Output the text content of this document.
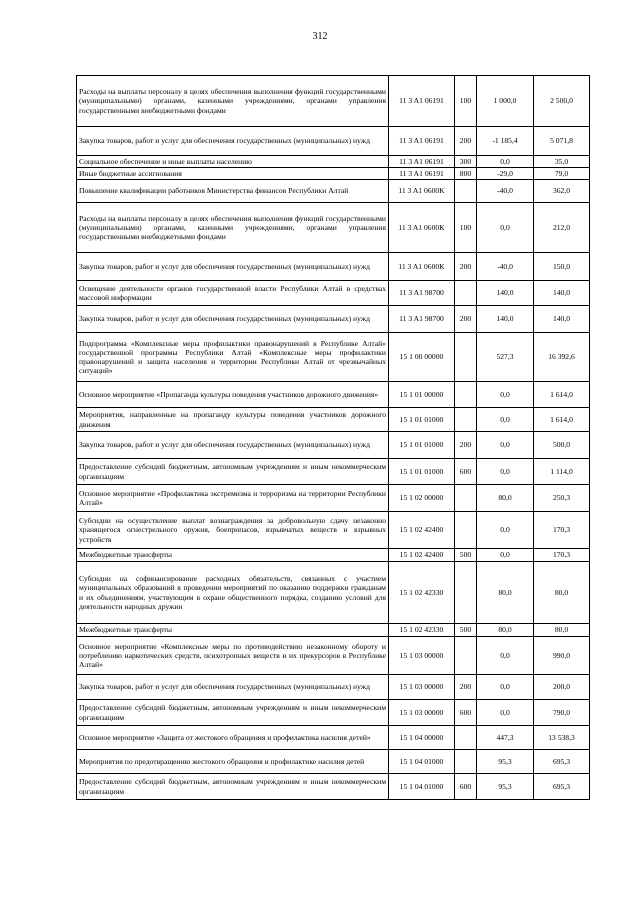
312
Расходы на выплаты персоналу в целях обеспечения выполнения функций государственными (муниципальными) органами, казенными учреждениями, органами управления государственными внебюджетными фондами	11 3 A1 06191	100	1 000,0	2 500,0
Закупка товаров, работ и услуг для обеспечения государственных (муниципальных) нужд	11 3 A1 06191	200	-1 185,4	5 071,8
Социальное обеспечение и иные выплаты населению	11 3 A1 06191	300	0,0	35,0
Иные бюджетные ассигнования	11 3 A1 06191	800	-29,0	79,0
Повышение квалификации работников Министерства финансов Республики Алтай	11 3 A1 0600K		-40,0	362,0
Расходы на выплаты персоналу в целях обеспечения выполнения функций государственными (муниципальными) органами, казенными учреждениями, органами управления государственными внебюджетными фондами	11 3 A1 0600K	100	0,0	212,0
Закупка товаров, работ и услуг для обеспечения государственных (муниципальных) нужд	11 3 A1 0600K	200	-40,0	150,0
Освещение деятельности органов государственной власти Республики Алтай в средствах массовой информации	11 3 A1 98700		140,0	140,0
Закупка товаров, работ и услуг для обеспечения государственных (муниципальных) нужд	11 3 A1 98700	200	140,0	140,0
Подпрограмма «Комплексные меры профилактики правонарушений в Республике Алтай» государственной программы Республики Алтай «Комплексные меры профилактики правонарушений и защита населения и территории Республики Алтай от чрезвычайных ситуаций»	15 1 00 00000		527,3	16 392,6
Основное мероприятие «Пропаганда культуры поведения участников дорожного движения»	15 1 01 00000		0,0	1 614,0
Мероприятия, направленные на пропаганду культуры поведения участников дорожного движения	15 1 01 01000		0,0	1 614,0
Закупка товаров, работ и услуг для обеспечения государственных (муниципальных) нужд	15 1 01 01000	200	0,0	500,0
Предоставление субсидий бюджетным, автономным учреждениям и иным некоммерческим организациям	15 1 01 01000	600	0,0	1 114,0
Основное мероприятие «Профилактика экстремизма и терроризма на территории Республики Алтай»	15 1 02 00000		80,0	250,3
Субсидии на осуществление выплат вознаграждения за добровольную сдачу незаконно хранящегося огнестрельного оружия, боеприпасов, взрывчатых веществ и взрывных устройств	15 1 02 42400		0,0	170,3
Межбюджетные трансферты	15 1 02 42400	500	0,0	170,3
Субсидии на софинансирование расходных обязательств, связанных с участием муниципальных образований в проведении мероприятий по оказанию поддержки гражданам и их объединениям, участвующим в охране общественного порядка, созданию условий для деятельности народных дружин	15 1 02 42330		80,0	80,0
Межбюджетные трансферты	15 1 02 42330	500	80,0	80,0
Основное мероприятие «Комплексные меры по противодействию незаконному обороту и потреблению наркотических средств, психотропных веществ и их прекурсоров в Республике Алтай»	15 1 03 00000		0,0	990,0
Закупка товаров, работ и услуг для обеспечения государственных (муниципальных) нужд	15 1 03 00000	200	0,0	200,0
Предоставление субсидий бюджетным, автономным учреждениям и иным некоммерческим организациям	15 1 03 00000	600	0,0	790,0
Основное мероприятие «Защита от жестокого обращения и профилактика насилия детей»	15 1 04 00000		447,3	13 538,3
Мероприятия по предотвращению жестокого обращения и профилактике насилия детей	15 1 04 01000		95,3	695,3
Предоставление субсидий бюджетным, автономным учреждениям и иным некоммерческим организациям	15 1 04 01000	600	95,3	695,3
